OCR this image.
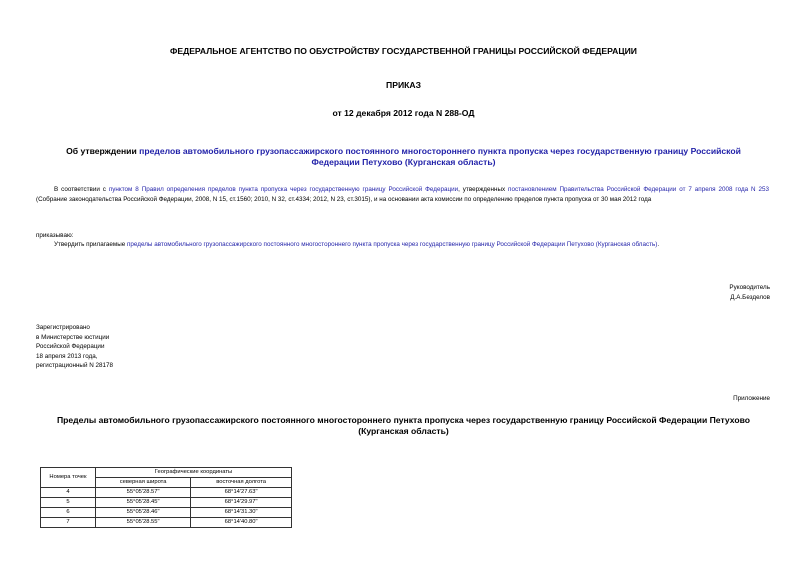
ФЕДЕРАЛЬНОЕ АГЕНТСТВО ПО ОБУСТРОЙСТВУ ГОСУДАРСТВЕННОЙ ГРАНИЦЫ РОССИЙСКОЙ ФЕДЕРАЦИИ
ПРИКАЗ
от 12 декабря 2012 года N 288-ОД
Об утверждении пределов автомобильного грузопассажирского постоянного многостороннего пункта пропуска через государственную границу Российской Федерации Петухово (Курганская область)
В соответствии с пунктом 8 Правил определения пределов пункта пропуска через государственную границу Российской Федерации, утвержденных постановлением Правительства Российской Федерации от 7 апреля 2008 года N 253 (Собрание законодательства Российской Федерации, 2008, N 15, ст.1560; 2010, N 32, ст.4334; 2012, N 23, ст.3015), и на основании акта комиссии по определению пределов пункта пропуска от 30 мая 2012 года
приказываю:
Утвердить прилагаемые пределы автомобильного грузопассажирского постоянного многостороннего пункта пропуска через государственную границу Российской Федерации Петухово (Курганская область).
Руководитель
Д.А.Безделов
Зарегистрировано
в Министерстве юстиции
Российской Федерации
18 апреля 2013 года,
регистрационный N 28178
Приложение
Пределы автомобильного грузопассажирского постоянного многостороннего пункта пропуска через государственную границу Российской Федерации Петухово (Курганская область)
Номера точек	Географические координаты	
	северная широта	восточная долгота
4	55°05'28.57"	68°14'27.63"
5	55°05'28.45"	68°14'29.97"
6	55°05'28.46"	68°14'31.30"
7	55°05'28.55"	68°14'40.80"
